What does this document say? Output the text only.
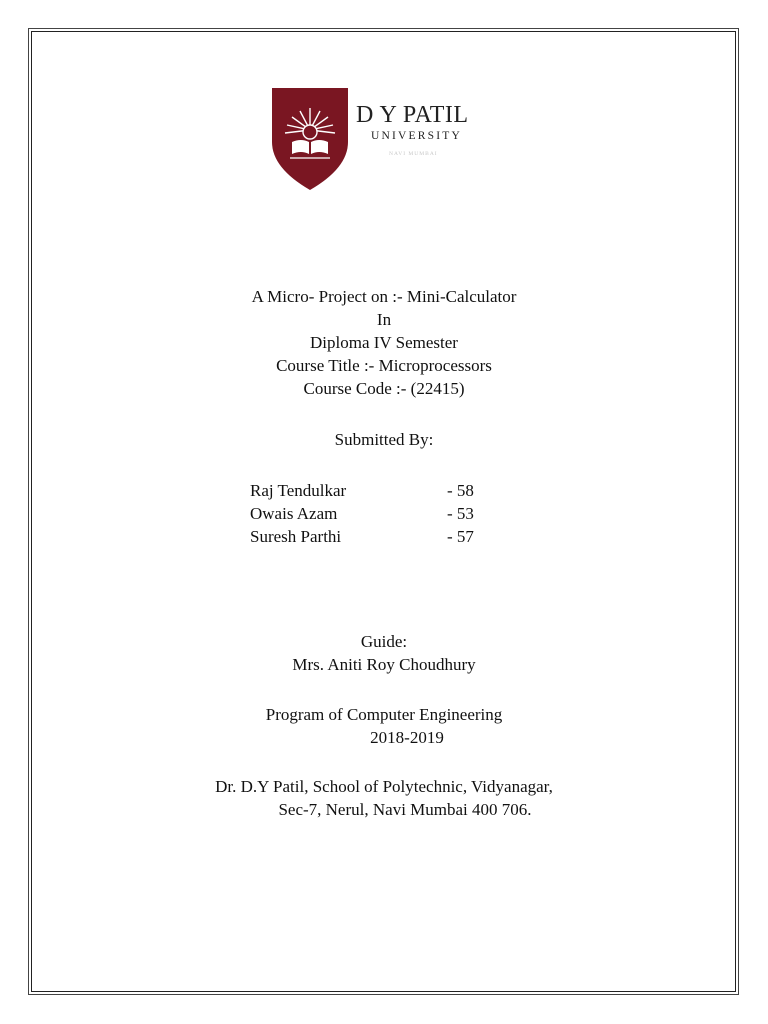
D Y PATIL
UNIVERSITY
NAVI MUMBAI
A Micro- Project on :- Mini-Calculator
In
Diploma IV Semester
Course Title :- Microprocessors
Course Code :- (22415)
Submitted By:
Raj Tendulkar	- 58
Owais Azam	- 53
Suresh Parthi	- 57
Guide:
Mrs. Aniti Roy Choudhury
Program of Computer Engineering
2018-2019
Dr. D.Y Patil, School of Polytechnic, Vidyanagar,
Sec-7, Nerul, Navi Mumbai 400 706.
